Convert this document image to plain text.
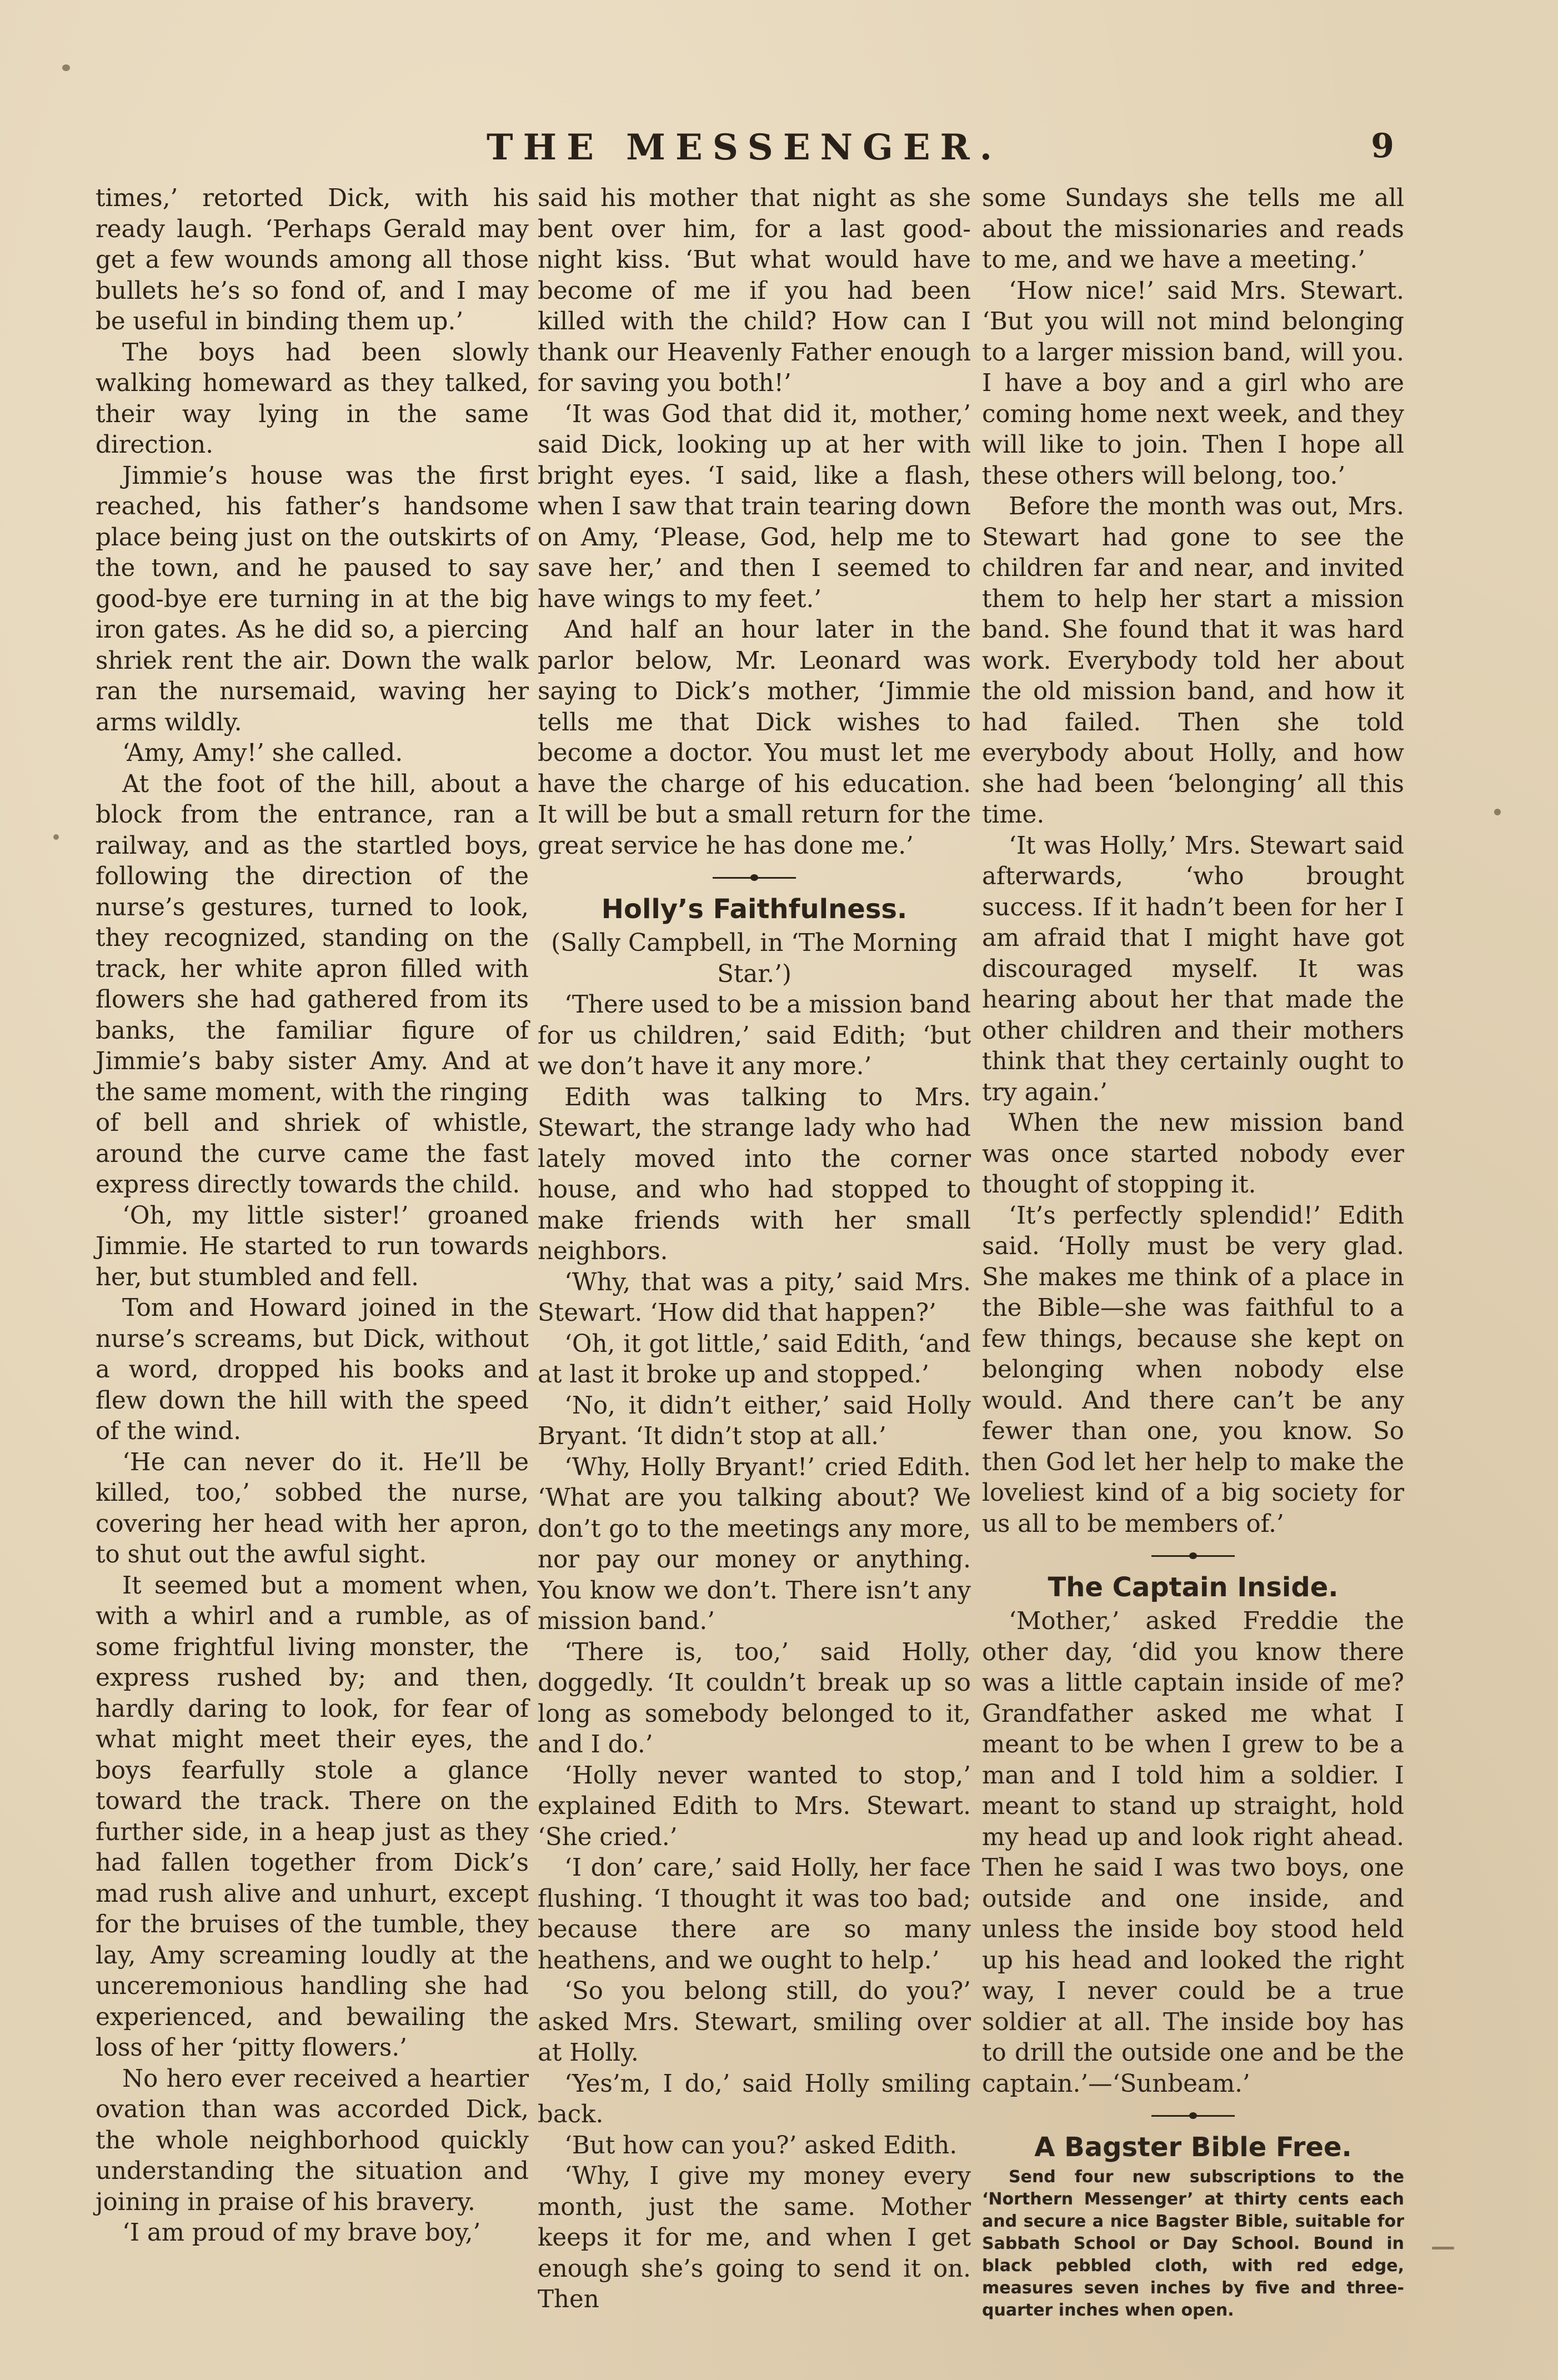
THE MESSENGER.	9

times,’ retorted Dick, with his ready laugh. ‘Perhaps Gerald may get a few wounds among all those bullets he’s so fond of, and I may be useful in binding them up.’

The boys had been slowly walking homeward as they talked, their way lying in the same direction.

Jimmie’s house was the first reached, his father’s handsome place being just on the outskirts of the town, and he paused to say good-bye ere turning in at the big iron gates. As he did so, a piercing shriek rent the air. Down the walk ran the nursemaid, waving her arms wildly.

‘Amy, Amy!’ she called.

At the foot of the hill, about a block from the entrance, ran a railway, and as the startled boys, following the direction of the nurse’s gestures, turned to look, they recognized, standing on the track, her white apron filled with flowers she had gathered from its banks, the familiar figure of Jimmie’s baby sister Amy. And at the same moment, with the ringing of bell and shriek of whistle, around the curve came the fast express directly towards the child.

‘Oh, my little sister!’ groaned Jimmie. He started to run towards her, but stumbled and fell.

Tom and Howard joined in the nurse’s screams, but Dick, without a word, dropped his books and flew down the hill with the speed of the wind.

‘He can never do it. He’ll be killed, too,’ sobbed the nurse, covering her head with her apron, to shut out the awful sight.

It seemed but a moment when, with a whirl and a rumble, as of some frightful living monster, the express rushed by; and then, hardly daring to look, for fear of what might meet their eyes, the boys fearfully stole a glance toward the track. There on the further side, in a heap just as they had fallen together from Dick’s mad rush alive and unhurt, except for the bruises of the tumble, they lay, Amy screaming loudly at the unceremonious handling she had experienced, and bewailing the loss of her ‘pitty flowers.’

No hero ever received a heartier ovation than was accorded Dick, the whole neighborhood quickly understanding the situation and joining in praise of his bravery.

‘I am proud of my brave boy,’

said his mother that night as she bent over him, for a last good-night kiss. ‘But what would have become of me if you had been killed with the child? How can I thank our Heavenly Father enough for saving you both!’

‘It was God that did it, mother,’ said Dick, looking up at her with bright eyes. ‘I said, like a flash, when I saw that train tearing down on Amy, ‘Please, God, help me to save her,’ and then I seemed to have wings to my feet.’

And half an hour later in the parlor below, Mr. Leonard was saying to Dick’s mother, ‘Jimmie tells me that Dick wishes to become a doctor. You must let me have the charge of his education. It will be but a small return for the great service he has done me.’

Holly’s Faithfulness.

(Sally Campbell, in ‘The Morning Star.’)

‘There used to be a mission band for us children,’ said Edith; ‘but we don’t have it any more.’

Edith was talking to Mrs. Stewart, the strange lady who had lately moved into the corner house, and who had stopped to make friends with her small neighbors.

‘Why, that was a pity,’ said Mrs. Stewart. ‘How did that happen?’

‘Oh, it got little,’ said Edith, ‘and at last it broke up and stopped.’

‘No, it didn’t either,’ said Holly Bryant. ‘It didn’t stop at all.’

‘Why, Holly Bryant!’ cried Edith. ‘What are you talking about? We don’t go to the meetings any more, nor pay our money or anything. You know we don’t. There isn’t any mission band.’

‘There is, too,’ said Holly, doggedly. ‘It couldn’t break up so long as somebody belonged to it, and I do.’

‘Holly never wanted to stop,’ explained Edith to Mrs. Stewart. ‘She cried.’

‘I don’ care,’ said Holly, her face flushing. ‘I thought it was too bad; because there are so many heathens, and we ought to help.’

‘So you belong still, do you?’ asked Mrs. Stewart, smiling over at Holly.

‘Yes’m, I do,’ said Holly smiling back.

‘But how can you?’ asked Edith.

‘Why, I give my money every month, just the same. Mother keeps it for me, and when I get enough she’s going to send it on. Then

some Sundays she tells me all about the missionaries and reads to me, and we have a meeting.’

‘How nice!’ said Mrs. Stewart. ‘But you will not mind belonging to a larger mission band, will you. I have a boy and a girl who are coming home next week, and they will like to join. Then I hope all these others will belong, too.’

Before the month was out, Mrs. Stewart had gone to see the children far and near, and invited them to help her start a mission band. She found that it was hard work. Everybody told her about the old mission band, and how it had failed. Then she told everybody about Holly, and how she had been ‘belonging’ all this time.

‘It was Holly,’ Mrs. Stewart said afterwards, ‘who brought success. If it hadn’t been for her I am afraid that I might have got discouraged myself. It was hearing about her that made the other children and their mothers think that they certainly ought to try again.’

When the new mission band was once started nobody ever thought of stopping it.

‘It’s perfectly splendid!’ Edith said. ‘Holly must be very glad. She makes me think of a place in the Bible—she was faithful to a few things, because she kept on belonging when nobody else would. And there can’t be any fewer than one, you know. So then God let her help to make the loveliest kind of a big society for us all to be members of.’

The Captain Inside.

‘Mother,’ asked Freddie the other day, ‘did you know there was a little captain inside of me? Grandfather asked me what I meant to be when I grew to be a man and I told him a soldier. I meant to stand up straight, hold my head up and look right ahead. Then he said I was two boys, one outside and one inside, and unless the inside boy stood held up his head and looked the right way, I never could be a true soldier at all. The inside boy has to drill the outside one and be the captain.’—‘Sunbeam.’

A Bagster Bible Free.

Send four new subscriptions to the ‘Northern Messenger’ at thirty cents each and secure a nice Bagster Bible, suitable for Sabbath School or Day School. Bound in black pebbled cloth, with red edge, measures seven inches by five and three-quarter inches when open.
